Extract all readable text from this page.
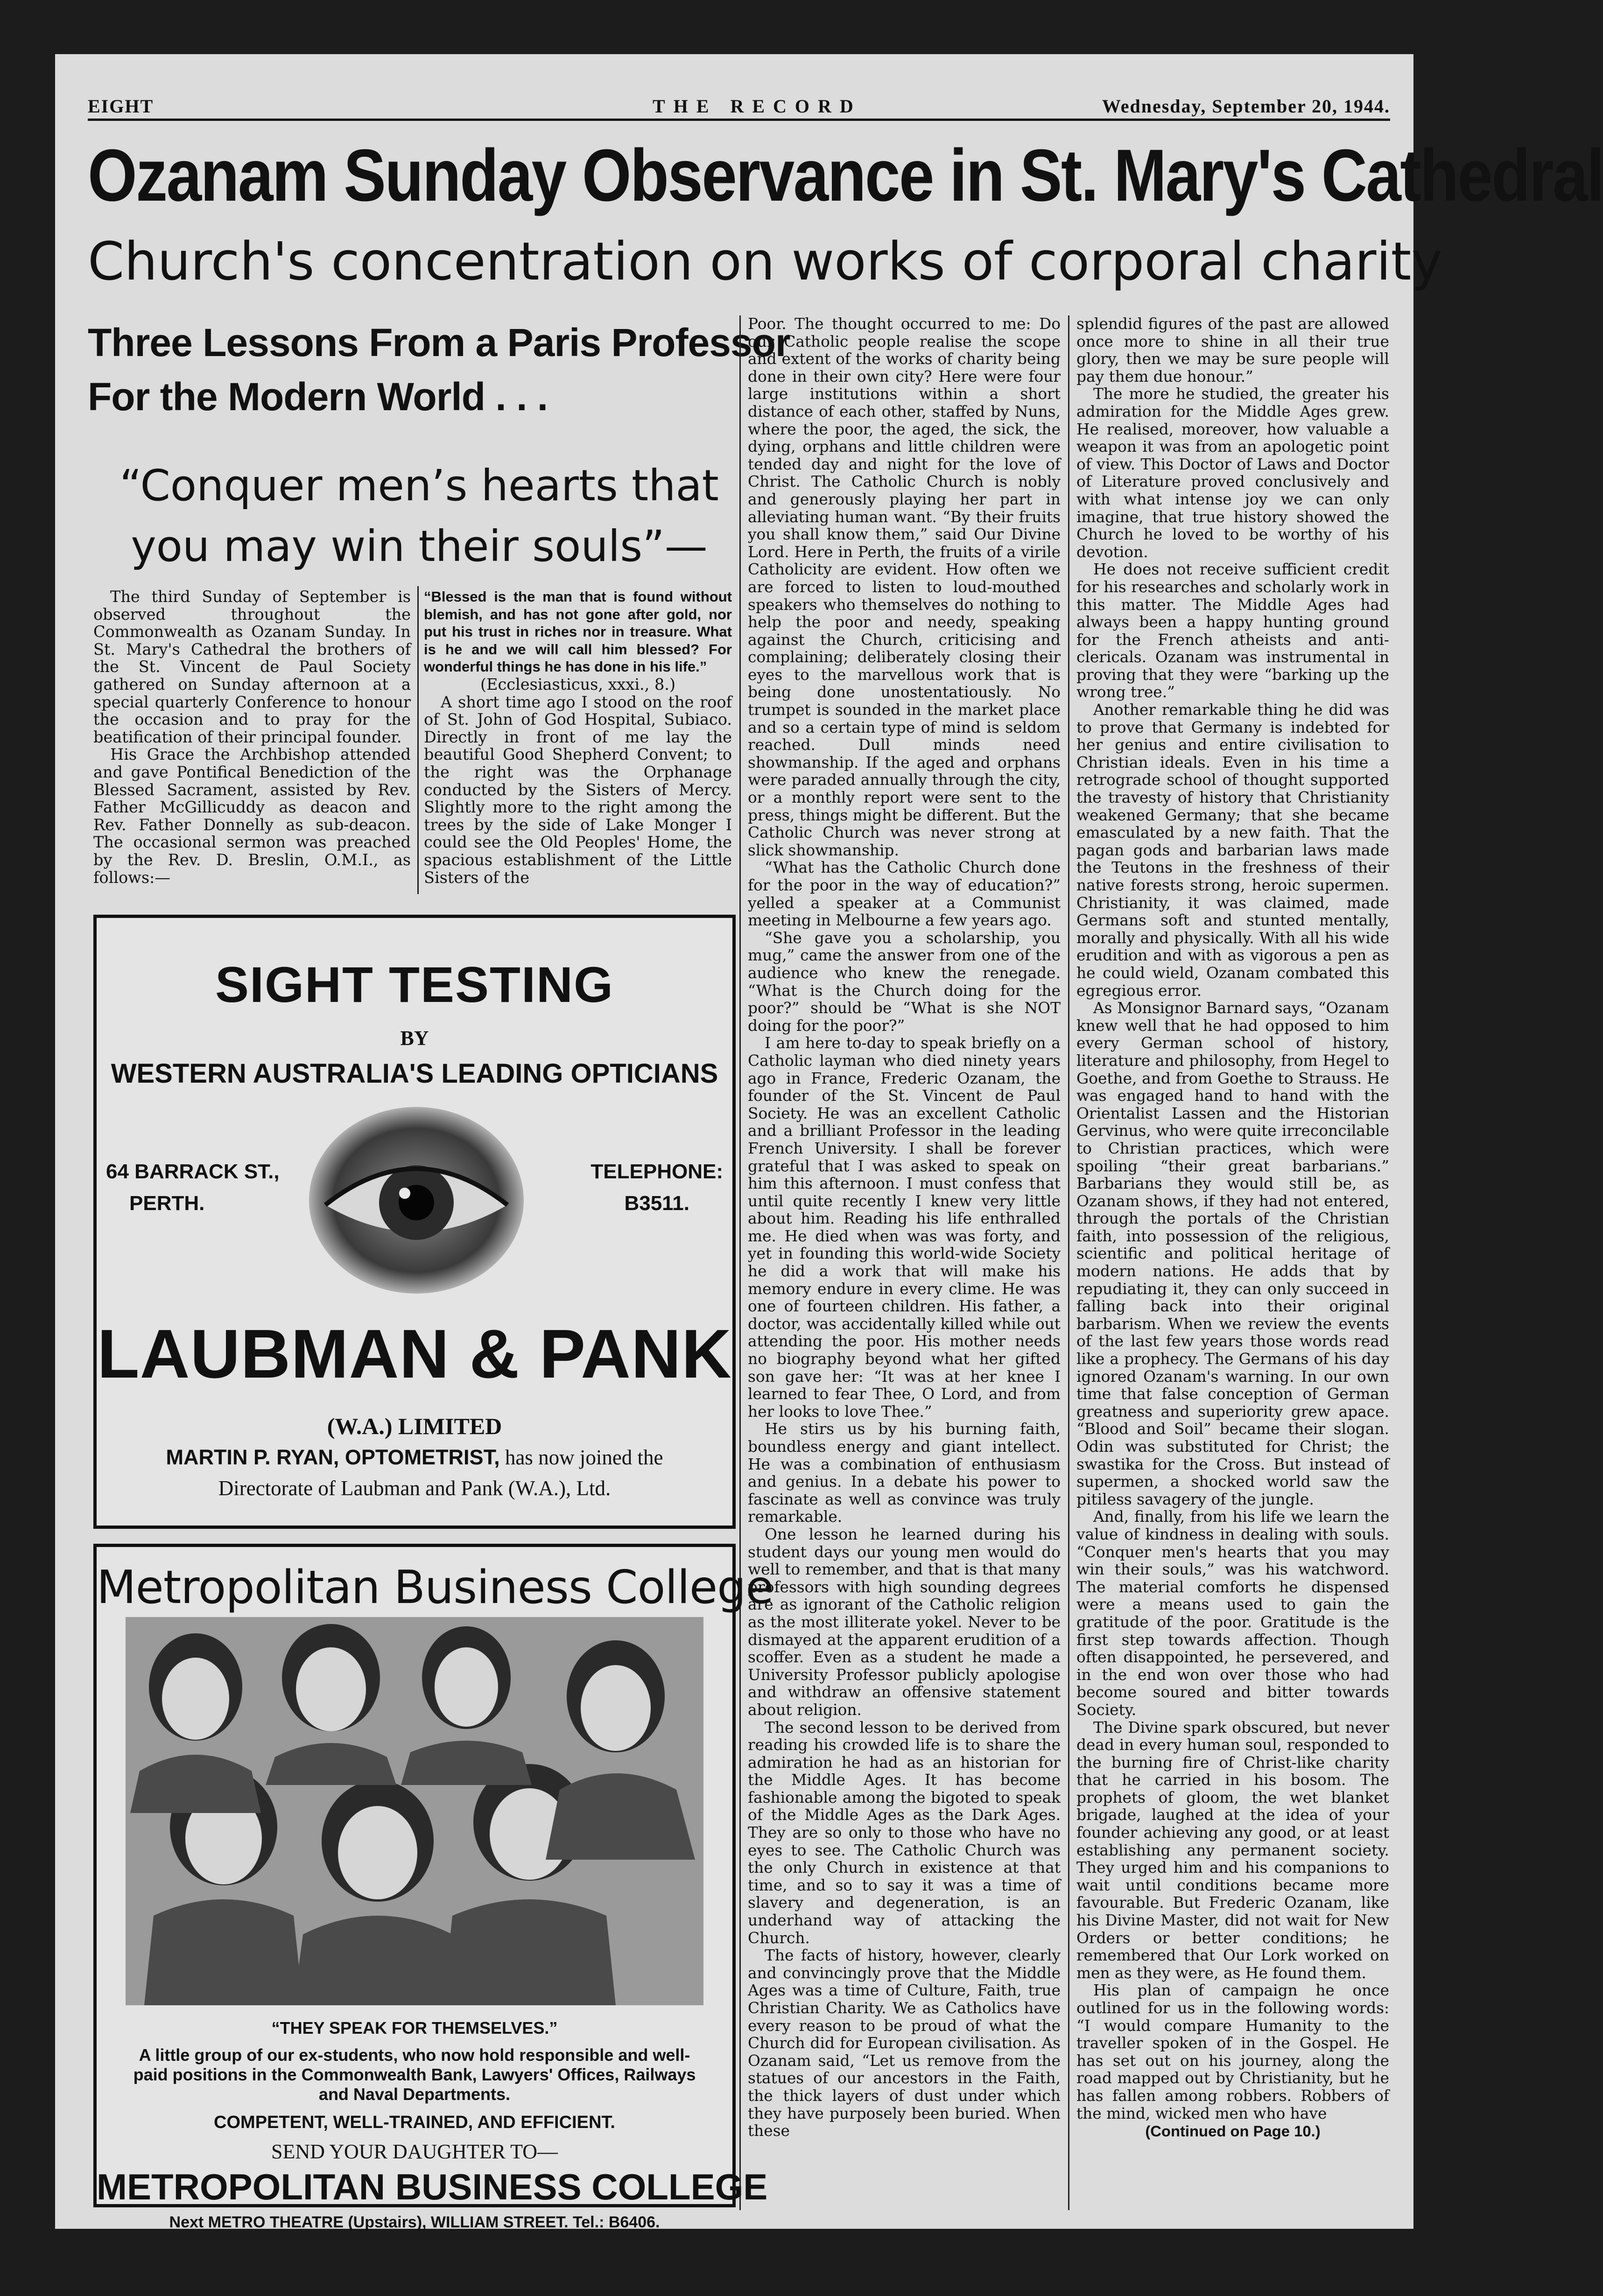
EIGHT	THE RECORD	Wednesday, September 20, 1944.
Ozanam Sunday Observance in St. Mary's Cathedral
Church's concentration on works of corporal charity
Three Lessons From a Paris Professor
For the Modern World . . .
“Conquer men’s hearts that
you may win their souls”—

The third Sunday of September is observed throughout the Commonwealth as Ozanam Sunday. In St. Mary's Cathedral the brothers of the St. Vincent de Paul Society gathered on Sunday afternoon at a special quarterly Conference to honour the occasion and to pray for the beatification of their principal founder.

His Grace the Archbishop attended and gave Pontifical Benediction of the Blessed Sacrament, assisted by Rev. Father McGillicuddy as deacon and Rev. Father Donnelly as sub-deacon. The occasional sermon was preached by the Rev. D. Breslin, O.M.I., as follows:—

“Blessed is the man that is found without blemish, and has not gone after gold, nor put his trust in riches nor in treasure. What is he and we will call him blessed? For wonderful things he has done in his life.”

(Ecclesiasticus, xxxi., 8.)

A short time ago I stood on the roof of St. John of God Hospital, Subiaco. Directly in front of me lay the beautiful Good Shepherd Convent; to the right was the Orphanage conducted by the Sisters of Mercy. Slightly more to the right among the trees by the side of Lake Monger I could see the Old Peoples' Home, the spacious establishment of the Little Sisters of the

Poor. The thought occurred to me: Do our Catholic people realise the scope and extent of the works of charity being done in their own city? Here were four large institutions within a short distance of each other, staffed by Nuns, where the poor, the aged, the sick, the dying, orphans and little children were tended day and night for the love of Christ. The Catholic Church is nobly and generously playing her part in alleviating human want. “By their fruits you shall know them,” said Our Divine Lord. Here in Perth, the fruits of a virile Catholicity are evident. How often we are forced to listen to loud-mouthed speakers who themselves do nothing to help the poor and needy, speaking against the Church, criticising and complaining; deliberately closing their eyes to the marvellous work that is being done unostentatiously. No trumpet is sounded in the market place and so a certain type of mind is seldom reached. Dull minds need showmanship. If the aged and orphans were paraded annually through the city, or a monthly report were sent to the press, things might be different. But the Catholic Church was never strong at slick showmanship.

“What has the Catholic Church done for the poor in the way of education?” yelled a speaker at a Communist meeting in Melbourne a few years ago.

“She gave you a scholarship, you mug,” came the answer from one of the audience who knew the renegade. “What is the Church doing for the poor?” should be “What is she NOT doing for the poor?”

I am here to-day to speak briefly on a Catholic layman who died ninety years ago in France, Frederic Ozanam, the founder of the St. Vincent de Paul Society. He was an excellent Catholic and a brilliant Professor in the leading French University. I shall be forever grateful that I was asked to speak on him this afternoon. I must confess that until quite recently I knew very little about him. Reading his life enthralled me. He died when was was forty, and yet in founding this world-wide Society he did a work that will make his memory endure in every clime. He was one of fourteen children. His father, a doctor, was accidentally killed while out attending the poor. His mother needs no biography beyond what her gifted son gave her: “It was at her knee I learned to fear Thee, O Lord, and from her looks to love Thee.”

He stirs us by his burning faith, boundless energy and giant intellect. He was a combination of enthusiasm and genius. In a debate his power to fascinate as well as convince was truly remarkable.

One lesson he learned during his student days our young men would do well to remember, and that is that many professors with high sounding degrees are as ignorant of the Catholic religion as the most illiterate yokel. Never to be dismayed at the apparent erudition of a scoffer. Even as a student he made a University Professor publicly apologise and withdraw an offensive statement about religion.

The second lesson to be derived from reading his crowded life is to share the admiration he had as an historian for the Middle Ages. It has become fashionable among the bigoted to speak of the Middle Ages as the Dark Ages. They are so only to those who have no eyes to see. The Catholic Church was the only Church in existence at that time, and so to say it was a time of slavery and degeneration, is an underhand way of attacking the Church.

The facts of history, however, clearly and convincingly prove that the Middle Ages was a time of Culture, Faith, true Christian Charity. We as Catholics have every reason to be proud of what the Church did for European civilisation. As Ozanam said, “Let us remove from the statues of our ancestors in the Faith, the thick layers of dust under which they have purposely been buried. When these

splendid figures of the past are allowed once more to shine in all their true glory, then we may be sure people will pay them due honour.”

The more he studied, the greater his admiration for the Middle Ages grew. He realised, moreover, how valuable a weapon it was from an apologetic point of view. This Doctor of Laws and Doctor of Literature proved conclusively and with what intense joy we can only imagine, that true history showed the Church he loved to be worthy of his devotion.

He does not receive sufficient credit for his researches and scholarly work in this matter. The Middle Ages had always been a happy hunting ground for the French atheists and anti-clericals. Ozanam was instrumental in proving that they were “barking up the wrong tree.”

Another remarkable thing he did was to prove that Germany is indebted for her genius and entire civilisation to Christian ideals. Even in his time a retrograde school of thought supported the travesty of history that Christianity weakened Germany; that she became emasculated by a new faith. That the pagan gods and barbarian laws made the Teutons in the freshness of their native forests strong, heroic supermen. Christianity, it was claimed, made Germans soft and stunted mentally, morally and physically. With all his wide erudition and with as vigorous a pen as he could wield, Ozanam combated this egregious error.

As Monsignor Barnard says, “Ozanam knew well that he had opposed to him every German school of history, literature and philosophy, from Hegel to Goethe, and from Goethe to Strauss. He was engaged hand to hand with the Orientalist Lassen and the Historian Gervinus, who were quite irreconcilable to Christian practices, which were spoiling “their great barbarians.” Barbarians they would still be, as Ozanam shows, if they had not entered, through the portals of the Christian faith, into possession of the religious, scientific and political heritage of modern nations. He adds that by repudiating it, they can only succeed in falling back into their original barbarism. When we review the events of the last few years those words read like a prophecy. The Germans of his day ignored Ozanam's warning. In our own time that false conception of German greatness and superiority grew apace. “Blood and Soil” became their slogan. Odin was substituted for Christ; the swastika for the Cross. But instead of supermen, a shocked world saw the pitiless savagery of the jungle.

And, finally, from his life we learn the value of kindness in dealing with souls. “Conquer men's hearts that you may win their souls,” was his watchword. The material comforts he dispensed were a means used to gain the gratitude of the poor. Gratitude is the first step towards affection. Though often disappointed, he persevered, and in the end won over those who had become soured and bitter towards Society.

The Divine spark obscured, but never dead in every human soul, responded to the burning fire of Christ-like charity that he carried in his bosom. The prophets of gloom, the wet blanket brigade, laughed at the idea of your founder achieving any good, or at least establishing any permanent society. They urged him and his companions to wait until conditions became more favourable. But Frederic Ozanam, like his Divine Master, did not wait for New Orders or better conditions; he remembered that Our Lork worked on men as they were, as He found them.

His plan of campaign he once outlined for us in the following words: “I would compare Humanity to the traveller spoken of in the Gospel. He has set out on his journey, along the road mapped out by Christianity, but he has fallen among robbers. Robbers of the mind, wicked men who have

(Continued on Page 10.)

SIGHT TESTING
BY
WESTERN AUSTRALIA'S LEADING OPTICIANS
64 BARRACK ST.,
PERTH.
TELEPHONE:
B3511.
LAUBMAN & PANK
(W.A.) LIMITED
MARTIN P. RYAN, OPTOMETRIST, has now joined the
Directorate of Laubman and Pank (W.A.), Ltd.
Metropolitan Business College
“THEY SPEAK FOR THEMSELVES.”
A little group of our ex-students, who now hold responsible and well-paid positions in the Commonwealth Bank, Lawyers' Offices, Railways and Naval Departments.
COMPETENT, WELL-TRAINED, AND EFFICIENT.
SEND YOUR DAUGHTER TO—
METROPOLITAN BUSINESS COLLEGE
Next METRO THEATRE (Upstairs), WILLIAM STREET. Tel.: B6406.
